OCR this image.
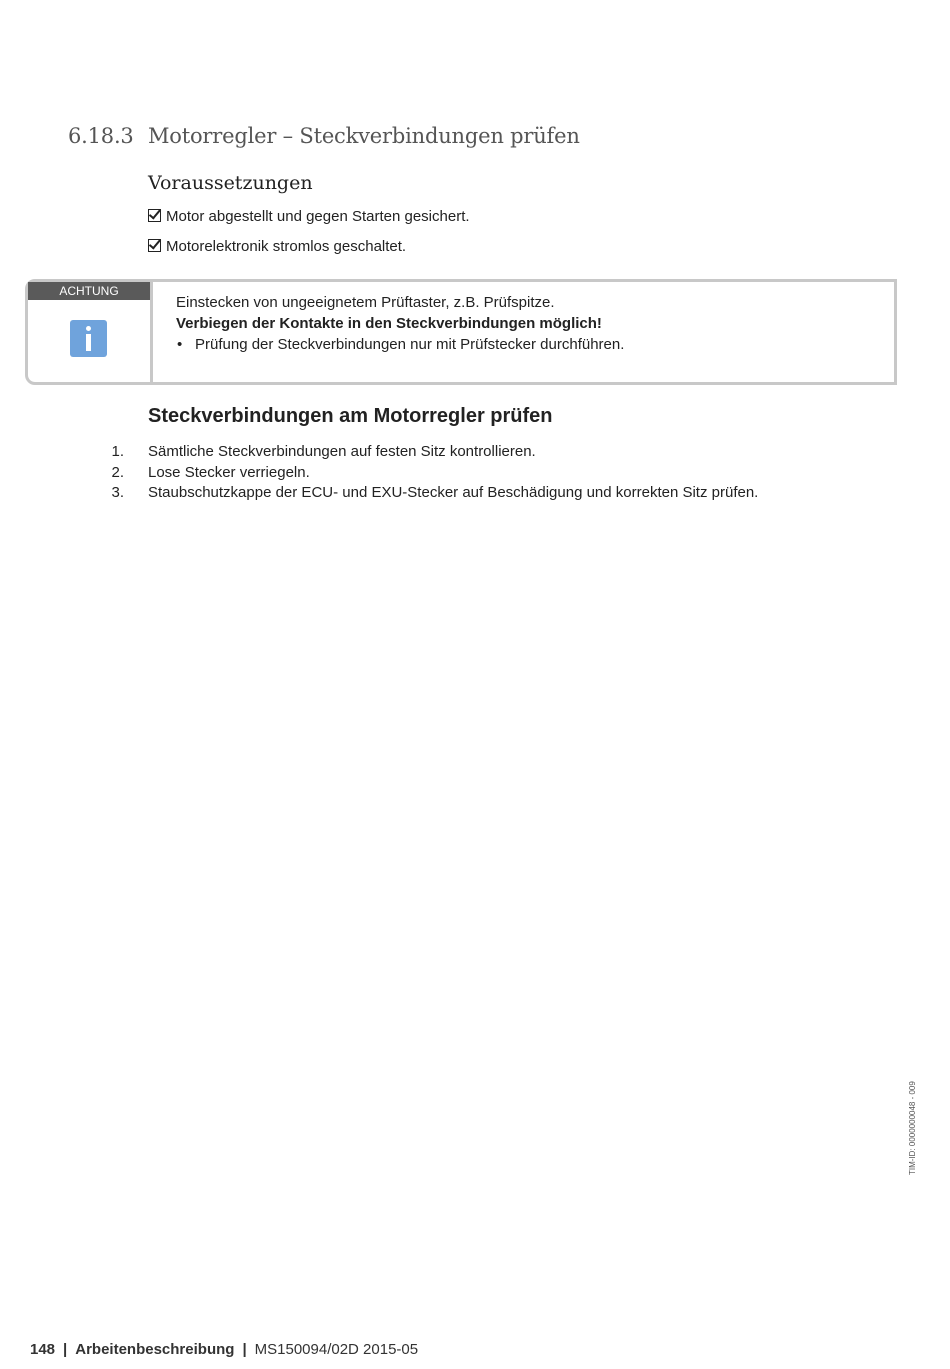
6.18.3 Motorregler – Steckverbindungen prüfen
Voraussetzungen
Motor abgestellt und gegen Starten gesichert.
Motorelektronik stromlos geschaltet.
ACHTUNG
Einstecken von ungeeignetem Prüftaster, z.B. Prüfspitze.
Verbiegen der Kontakte in den Steckverbindungen möglich!
• Prüfung der Steckverbindungen nur mit Prüfstecker durchführen.
Steckverbindungen am Motorregler prüfen
1. Sämtliche Steckverbindungen auf festen Sitz kontrollieren.
2. Lose Stecker verriegeln.
3. Staubschutzkappe der ECU- und EXU-Stecker auf Beschädigung und korrekten Sitz prüfen.
TIM-ID: 0000000048 - 009
148 | Arbeitenbeschreibung | MS150094/02D 2015-05
